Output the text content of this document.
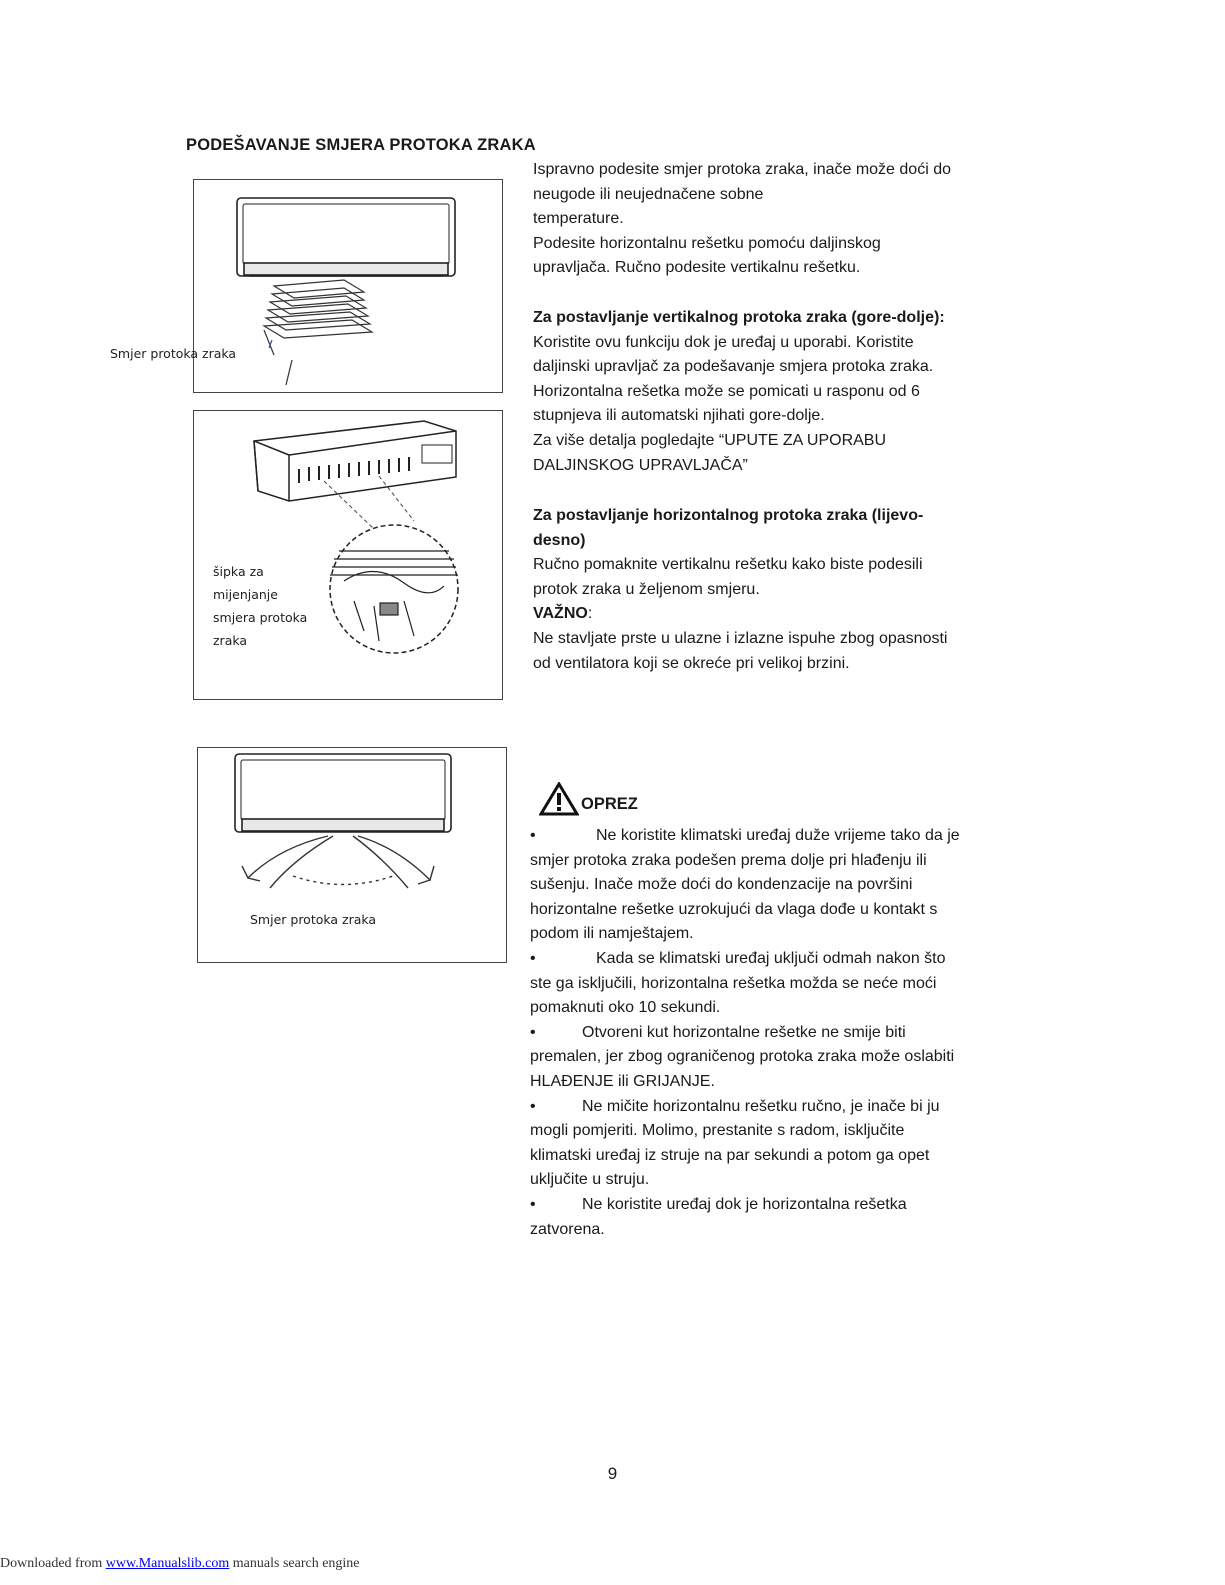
PODEŠAVANJE SMJERA PROTOKA ZRAKA

Ispravno podesite smjer protoka zraka, inače može doći do

neugode ili neujednačene sobne

temperature.

Podesite horizontalnu rešetku pomoću daljinskog

upravljača. Ručno podesite vertikalnu rešetku.

Za postavljanje vertikalnog protoka zraka (gore-dolje):

Koristite ovu funkciju dok je uređaj u uporabi. Koristite

daljinski upravljač za podešavanje smjera protoka zraka.

Horizontalna rešetka može se pomicati u rasponu od 6

stupnjeva ili automatski njihati gore-dolje.

Za više detalja pogledajte “UPUTE ZA UPORABU

DALJINSKOG UPRAVLJAČA”

Za postavljanje horizontalnog protoka zraka (lijevo-

desno)

Ručno pomaknite vertikalnu rešetku kako biste podesili

protok zraka u željenom smjeru.

VAŽNO:

Ne stavljate prste u ulazne i izlazne ispuhe zbog opasnosti

od ventilatora koji se okreće pri velikoj brzini.

Smjer protoka zraka
šipka za
mijenjanje
smjera protoka
zraka
Smjer protoka zraka
OPREZ

•	Ne koristite klimatski uređaj duže vrijeme tako da je

smjer protoka zraka podešen prema dolje pri hlađenju ili

sušenju. Inače može doći do kondenzacije na površini

horizontalne rešetke uzrokujući da vlaga dođe u kontakt s

podom ili namještajem.

•	Kada se klimatski uređaj uključi odmah nakon što

ste ga isključili, horizontalna rešetka možda se neće moći

pomaknuti oko 10 sekundi.

•	Otvoreni kut horizontalne rešetke ne smije biti

premalen, jer zbog ograničenog protoka zraka može oslabiti

HLAĐENJE ili GRIJANJE.

•	Ne mičite horizontalnu rešetku ručno, je inače bi ju

mogli pomjeriti. Molimo, prestanite s radom, isključite

klimatski uređaj iz struje na par sekundi a potom ga opet

uključite u struju.

•	Ne koristite uređaj dok je horizontalna rešetka

zatvorena.

9
Downloaded from www.Manualslib.com manuals search engine
